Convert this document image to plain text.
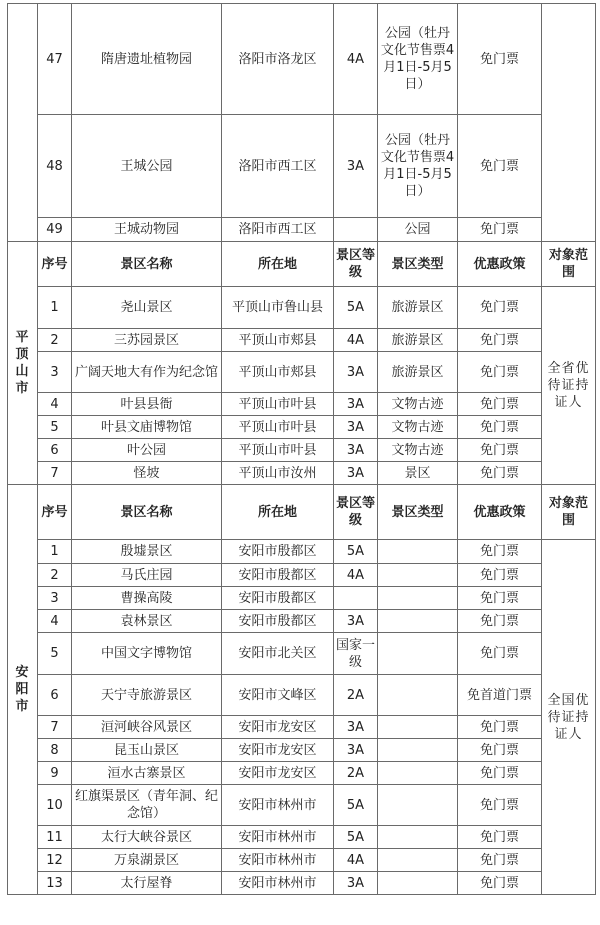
	47	隋唐遗址植物园	洛阳市洛龙区	4A	公园（牡丹文化节售票4月1日-5月5日）	免门票	
	48	王城公园	洛阳市西工区	3A	公园（牡丹文化节售票4月1日-5月5日）	免门票	
	49	王城动物园	洛阳市西工区		公园	免门票	
平顶山市	序号	景区名称	所在地	景区等级	景区类型	优惠政策	对象范围
	1	尧山景区	平顶山市鲁山县	5A	旅游景区	免门票	全省优待证持证人
	2	三苏园景区	平顶山市郏县	4A	旅游景区	免门票	
	3	广阔天地大有作为纪念馆	平顶山市郏县	3A	旅游景区	免门票	
	4	叶县县衙	平顶山市叶县	3A	文物古迹	免门票	
	5	叶县文庙博物馆	平顶山市叶县	3A	文物古迹	免门票	
	6	叶公园	平顶山市叶县	3A	文物古迹	免门票	
	7	怪坡	平顶山市汝州	3A	景区	免门票	
安阳市	序号	景区名称	所在地	景区等级	景区类型	优惠政策	对象范围
	1	殷墟景区	安阳市殷都区	5A		免门票	全国优待证持证人
	2	马氏庄园	安阳市殷都区	4A		免门票	
	3	曹操高陵	安阳市殷都区			免门票	
	4	袁林景区	安阳市殷都区	3A		免门票	
	5	中国文字博物馆	安阳市北关区	国家一级		免门票	
	6	天宁寺旅游景区	安阳市文峰区	2A		免首道门票	
	7	洹河峡谷风景区	安阳市龙安区	3A		免门票	
	8	昆玉山景区	安阳市龙安区	3A		免门票	
	9	洹水古寨景区	安阳市龙安区	2A		免门票	
	10	红旗渠景区（青年洞、纪念馆）	安阳市林州市	5A		免门票	
	11	太行大峡谷景区	安阳市林州市	5A		免门票	
	12	万泉湖景区	安阳市林州市	4A		免门票	
	13	太行屋脊	安阳市林州市	3A		免门票	
